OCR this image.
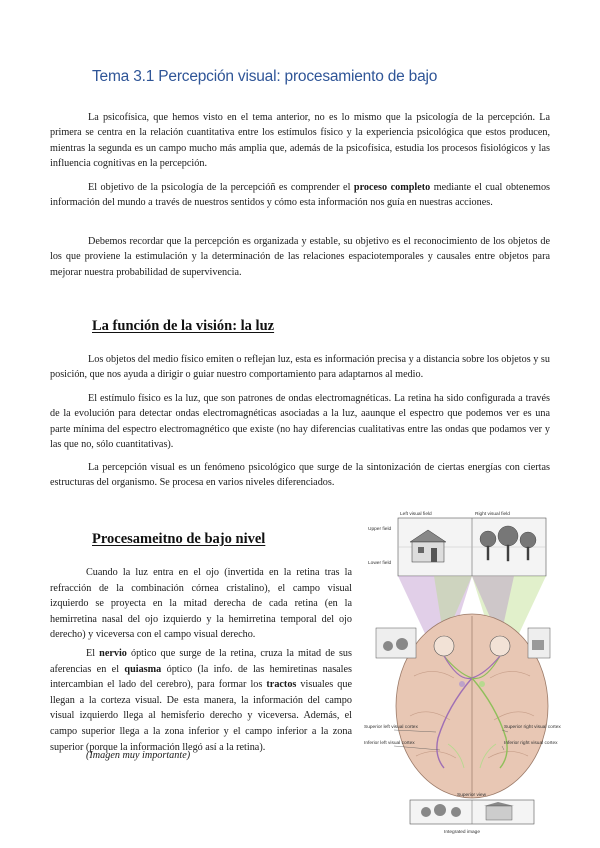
Tema 3.1 Percepción visual: procesamiento de bajo

La psicofísica, que hemos visto en el tema anterior, no es lo mismo que la psicología de la percepción. La primera se centra en la relación cuantitativa entre los estímulos físico y la experiencia psicológica que estos producen, mientras la segunda es un campo mucho más amplia que, además de la psicofísica, estudia los procesos fisiológicos y las influencia cognitivas en la percepción.

El objetivo de la psicología de la percepcióñ es comprender el proceso completo mediante el cual obtenemos información del mundo a través de nuestros sentidos y cómo esta información nos guía en nuestras acciones.

Debemos recordar que la percepción es organizada y estable, su objetivo es el reconocimiento de los objetos de los que proviene la estimulación y la determinación de las relaciones espaciotemporales y causales entre objetos para mejorar nuestra probabilidad de supervivencia.

La función de la visión: la luz

Los objetos del medio físico emiten o reflejan luz, esta es información precisa y a distancia sobre los objetos y su posición, que nos ayuda a dirigir o guiar nuestro comportamiento para adaptarnos al medio.

El estímulo físico es la luz, que son patrones de ondas electromagnéticas. La retina ha sido configurada a través de la evolución para detectar ondas electromagnéticas asociadas a la luz, aaunque el espectro que podemos ver es una parte mínima del espectro electromagnético que existe (no hay diferencias cualitativas entre las ondas que podamos ver y las que no, sólo cuantitativas).

La percepción visual es un fenómeno psicológico que surge de la sintonización de ciertas energías con ciertas estructuras del organismo. Se procesa en varios niveles diferenciados.

Procesameitno de bajo nivel

Cuando la luz entra en el ojo (invertida en la retina tras la refracción de la combinación córnea cristalino), el campo visual izquierdo se proyecta en la mitad derecha de cada retina (en la hemirretina nasal del ojo izquierdo y la hemirretina temporal del ojo derecho) y viceversa con el campo visual derecho.

El nervio óptico que surge de la retina, cruza la mitad de sus aferencias en el quiasma óptico (la info. de las hemiretinas nasales intercambian el lado del cerebro), para formar los tractos visuales que llegan a la corteza visual. De esta manera, la información del campo visual izquierdo llega al hemisferio derecho y viceversa. Además, el campo superior llega a la zona inferior y el campo inferior a la zona superior (porque la información llegó así a la retina).

(Imagen muy importante)

Left visual field	Right visual field
Upper field
Lower field
Superior left visual cortex
Inferior left visual cortex
Superior right visual cortex
Inferior right visual cortex
Superior view
Integrated image
